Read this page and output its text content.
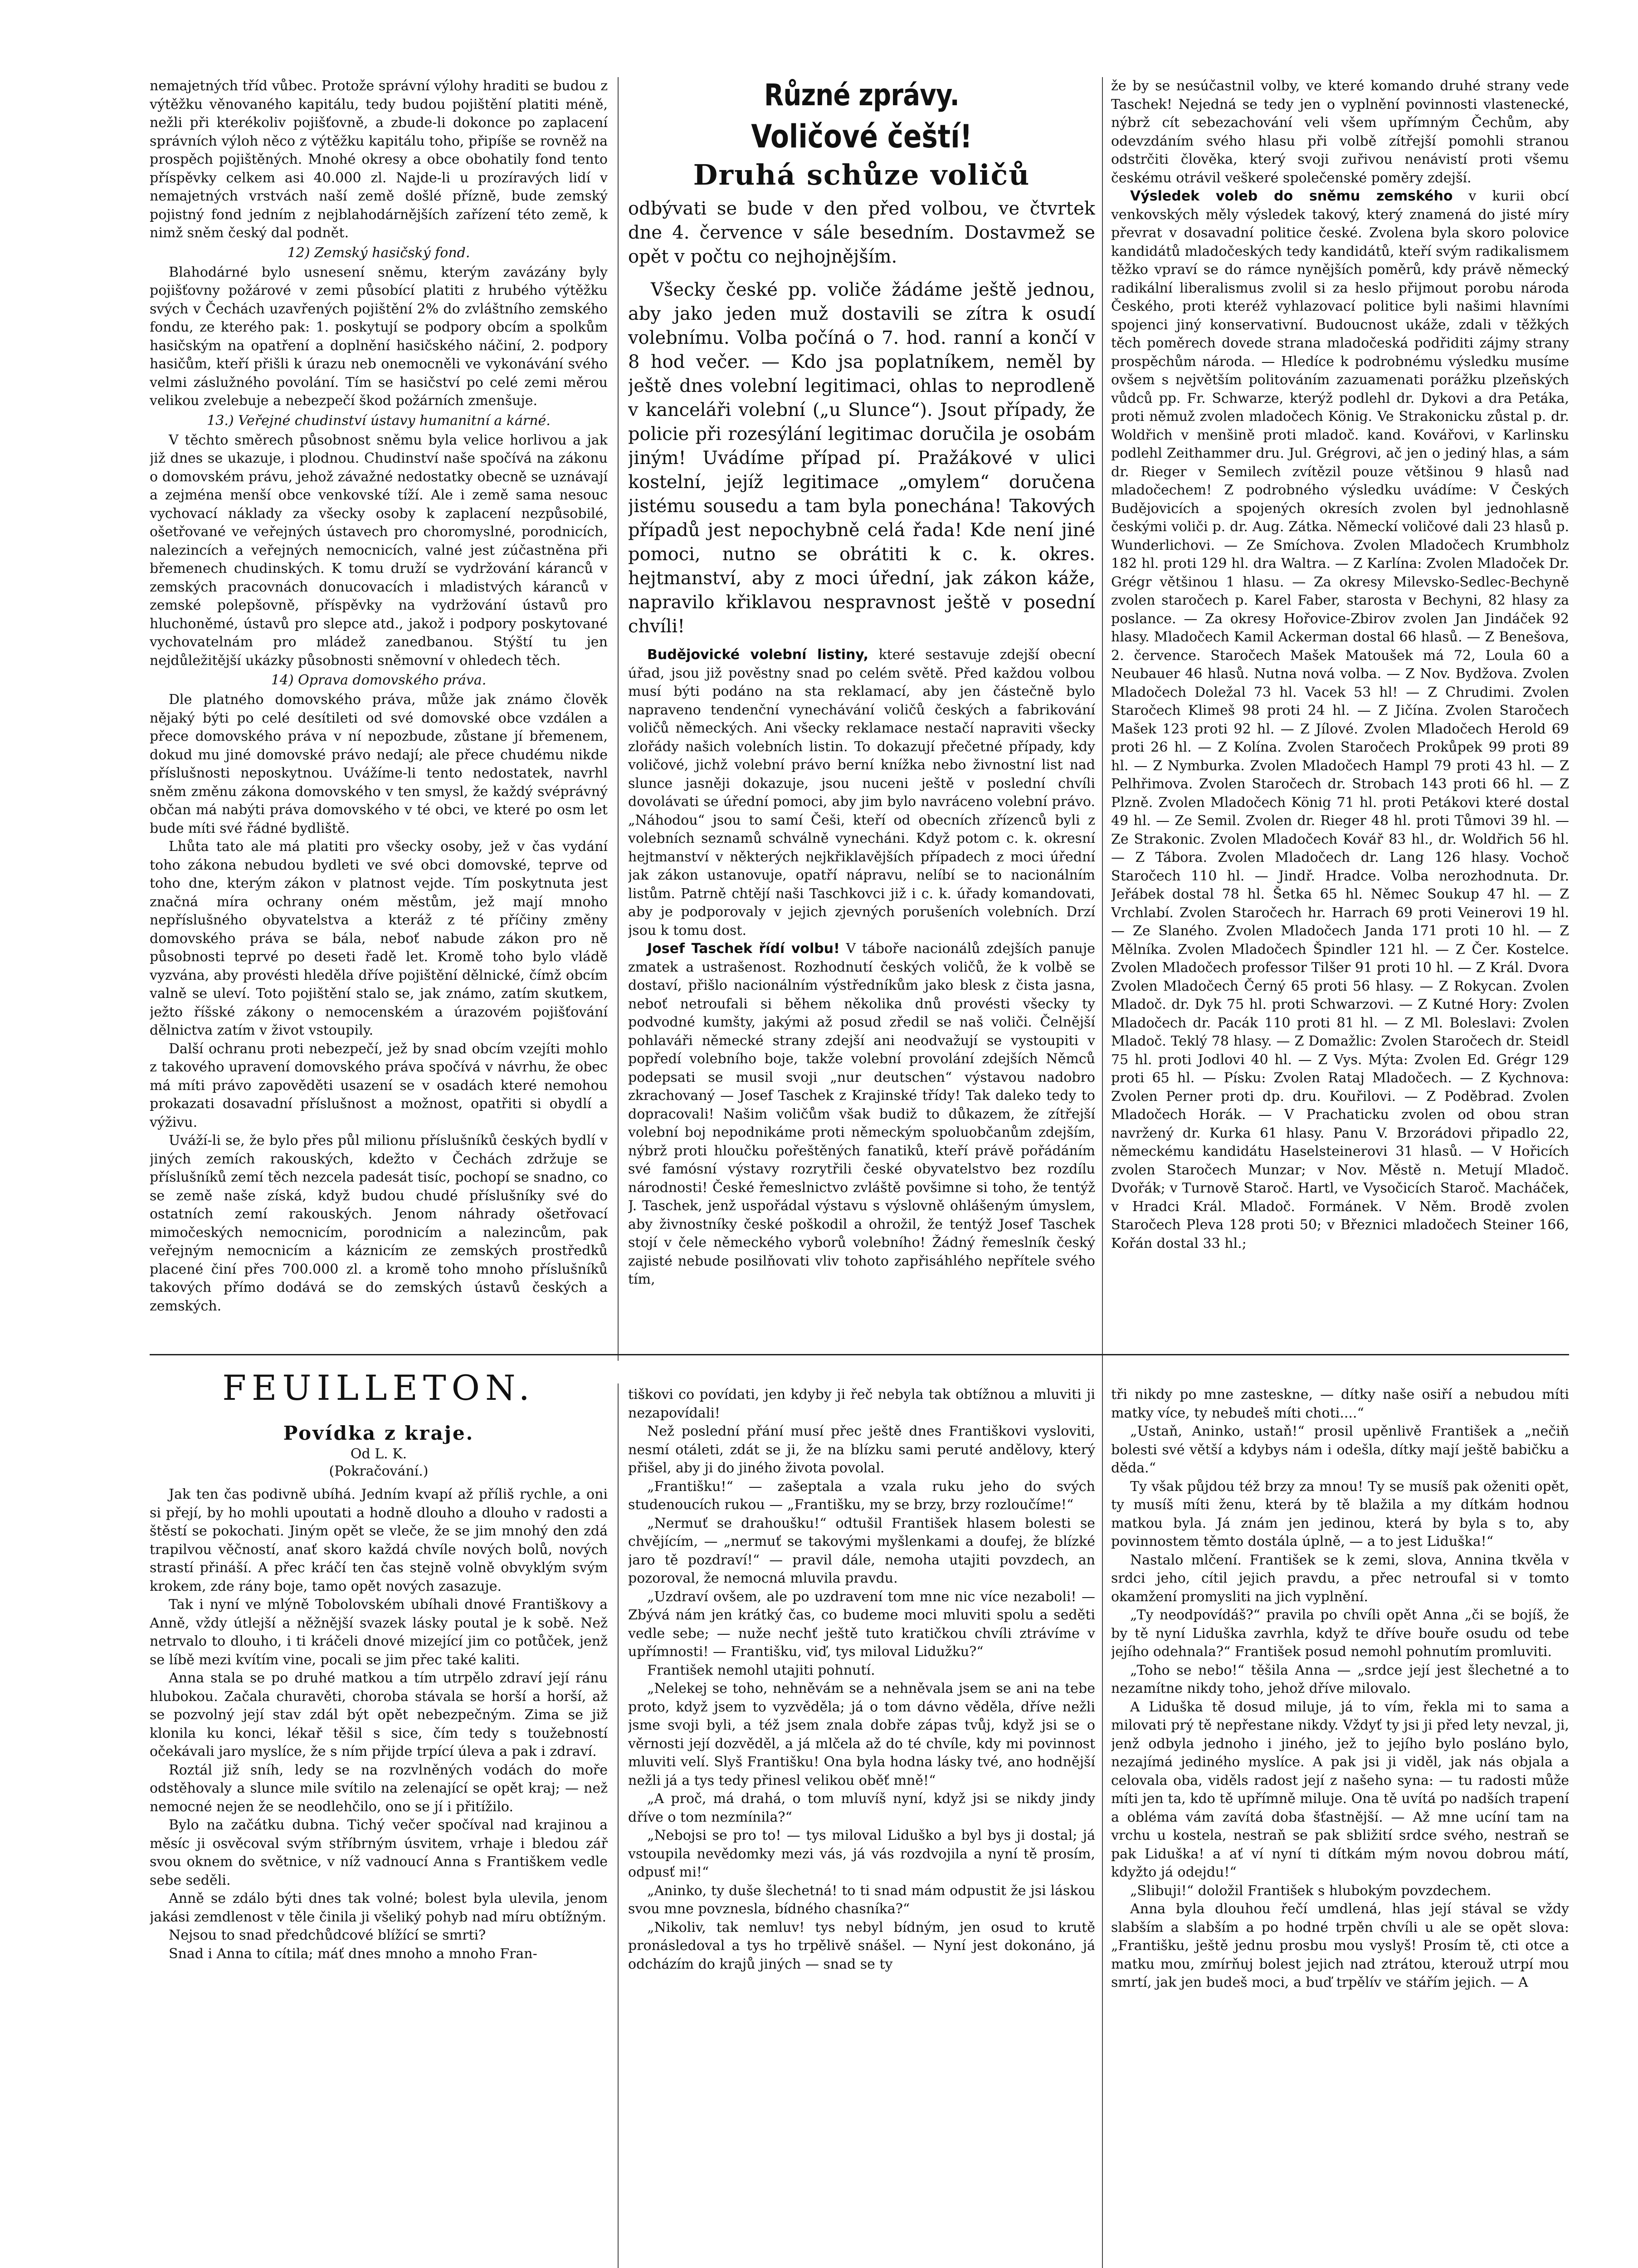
nemajetných tříd vůbec. Protože správní výlohy hraditi se budou z výtěžku věnovaného kapitálu, tedy budou pojištění platiti méně, nežli při kterékoliv pojišťovně, a zbude-li dokonce po zaplacení správních výloh něco z výtěžku kapitálu toho, připíše se rovněž na prospěch pojištěných. Mnohé okresy a obce obohatily fond tento příspěvky celkem asi 40.000 zl. Najde-li u prozíravých lidí v nemajetných vrstvách naší země došlé přízně, bude zemský pojistný fond jedním z nejblahodárnějších zařízení této země, k nimž sněm český dal podnět.

12) Zemský hasičský fond.

Blahodárné bylo usnesení sněmu, kterým zavázány byly pojišťovny požárové v zemi působící platiti z hrubého výtěžku svých v Čechách uzavřených pojištění 2% do zvláštního zemského fondu, ze kterého pak: 1. poskytují se podpory obcím a spolkům hasičským na opatření a doplnění hasičského náčiní, 2. podpory hasičům, kteří přišli k úrazu neb onemocněli ve vykonávání svého velmi záslužného povolání. Tím se hasičství po celé zemi měrou velikou zvelebuje a nebezpečí škod požárních zmenšuje.

13.) Veřejné chudinství ústavy humanitní a kárné.

V těchto směrech působnost sněmu byla velice horlivou a jak již dnes se ukazuje, i plodnou. Chudinství naše spočívá na zákonu o domovském právu, jehož závažné nedostatky obecně se uznávají a zejména menší obce venkovské tíží. Ale i země sama nesouc vychovací náklady za všecky osoby k zaplacení nezpůsobilé, ošetřované ve veřejných ústavech pro choromyslné, porodnicích, nalezincích a veřejných nemocnicích, valné jest zúčastněna při břemenech chudinských. K tomu druží se vydržování káranců v zemských pracovnách donucovacích i mladistvých káranců v zemské polepšovně, příspěvky na vydržování ústavů pro hluchoněmé, ústavů pro slepce atd., jakož i podpory poskytované vychovatelnám pro mládež zanedbanou. Stýští tu jen nejdůležitější ukázky působnosti sněmovní v ohledech těch.

14) Oprava domovského práva.

Dle platného domovského práva, může jak známo člověk nějaký býti po celé desítileti od své domovské obce vzdálen a přece domovského práva v ní nepozbude, zůstane jí břemenem, dokud mu jiné domovské právo nedají; ale přece chudému nikde příslušnosti neposkytnou. Uvážíme-li tento nedostatek, navrhl sněm změnu zákona domovského v ten smysl, že každý svéprávný občan má nabýti práva domovského v té obci, ve které po osm let bude míti své řádné bydliště.

Lhůta tato ale má platiti pro všecky osoby, jež v čas vydání toho zákona nebudou bydleti ve své obci domovské, teprve od toho dne, kterým zákon v platnost vejde. Tím poskytnuta jest značná míra ochrany oném městům, jež mají mnoho nepříslušného obyvatelstva a kteráž z té příčiny změny domovského práva se bála, neboť nabude zákon pro ně působnosti teprvé po deseti řadě let. Kromě toho bylo vládě vyzvána, aby provésti hleděla dříve pojištění dělnické, čímž obcím valně se uleví. Toto pojištění stalo se, jak známo, zatím skutkem, ježto říšské zákony o nemocenském a úrazovém pojišťování dělnictva zatím v život vstoupily.

Další ochranu proti nebezpečí, jež by snad obcím vzejíti mohlo z takového upravení domovského práva spočívá v návrhu, že obec má míti právo zapověděti usazení se v osadách které nemohou prokazati dosavadní příslušnost a možnost, opatřiti si obydlí a výživu.

Uváží-li se, že bylo přes půl milionu příslušníků českých bydlí v jiných zemích rakouských, kdežto v Čechách zdržuje se příslušníků zemí těch nezcela padesát tisíc, pochopí se snadno, co se země naše získá, když budou chudé příslušníky své do ostatních zemí rakouských. Jenom náhrady ošetřovací mimočeských nemocnicím, porodnicím a nalezincům, pak veřejným nemocnicím a káznicím ze zemských prostředků placené činí přes 700.000 zl. a kromě toho mnoho příslušníků takových přímo dodává se do zemských ústavů českých a zemských.

Různé zprávy.
Voličové čeští!
Druhá schůze voličů

odbývati se bude v den před volbou, ve čtvrtek dne 4. července v sále besedním. Dostavmež se opět v počtu co nejhojnějším.

Všecky české pp. voliče žádáme ještě jednou, aby jako jeden muž dostavili se zítra k osudí volebnímu. Volba počíná o 7. hod. ranní a končí v 8 hod večer. — Kdo jsa poplatníkem, neměl by ještě dnes volební legitimaci, ohlas to neprodleně v kanceláři volební („u Slunce“). Jsout případy, že policie při rozesýlání legitimac doručila je osobám jiným! Uvádíme případ pí. Pražákové v ulici kostelní, jejíž legitimace „omylem“ doručena jistému sousedu a tam byla ponechána! Takových případů jest nepochybně celá řada! Kde není jiné pomoci, nutno se obrátiti k c. k. okres. hejtmanství, aby z moci úřední, jak zákon káže, napravilo křiklavou nespravnost ještě v posední chvíli!

Budějovické volební listiny, které sestavuje zdejší obecní úřad, jsou již pověstny snad po celém světě. Před každou volbou musí býti podáno na sta reklamací, aby jen částečně bylo napraveno tendenční vynechávání voličů českých a fabrikování voličů německých. Ani všecky reklamace nestačí napraviti všecky zlořády našich volebních listin. To dokazují přečetné případy, kdy voličové, jichž volební právo berní knížka nebo živnostní list nad slunce jasněji dokazuje, jsou nuceni ještě v poslední chvíli dovolávati se úřední pomoci, aby jim bylo navráceno volební právo. „Náhodou“ jsou to samí Češi, kteří od obecních zřízenců byli z volebních seznamů schválně vynecháni. Když potom c. k. okresní hejtmanství v některých nejkřiklavějších případech z moci úřední jak zákon ustanovuje, opatří nápravu, nelíbí se to nacionálním listům. Patrně chtějí naši Taschkovci již i c. k. úřady komandovati, aby je podporovaly v jejich zjevných porušeních volebních. Drzí jsou k tomu dost.

Josef Taschek řídí volbu! V táboře nacionálů zdejších panuje zmatek a ustrašenost. Rozhodnutí českých voličů, že k volbě se dostaví, přišlo nacionálním výstředníkům jako blesk z čista jasna, neboť netroufali si během několika dnů provésti všecky ty podvodné kumšty, jakými až posud zředil se naš voliči. Čelnější pohlaváři německé strany zdejší ani neodvažují se vystoupiti v popředí volebního boje, takže volební provolání zdejších Němců podepsati se musil svoji „nur deutschen“ výstavou nadobro zkrachovaný — Josef Taschek z Krajinské třídy! Tak daleko tedy to dopracovali! Našim voličům však budiž to důkazem, že zítřejší volební boj nepodnikáme proti německým spoluobčanům zdejším, nýbrž proti hloučku pořeštěných fanatiků, kteří právě pořádáním své famósní výstavy rozrytřili české obyvatelstvo bez rozdílu národnosti! České řemeslnictvo zvláště povšimne si toho, že tentýž J. Taschek, jenž uspořádal výstavu s výslovně ohlášeným úmyslem, aby živnostníky české poškodil a ohrožil, že tentýž Josef Taschek stojí v čele německého vyborů volebního! Žádný řemeslník český zajisté nebude posilňovati vliv tohoto zapřisáhlého nepřítele svého tím,

že by se nesúčastnil volby, ve které komando druhé strany vede Taschek! Nejedná se tedy jen o vyplnění povinnosti vlastenecké, nýbrž cít sebezachování veli všem upřímným Čechům, aby odevzdáním svého hlasu při volbě zítřejší pomohli stranou odstrčiti člověka, který svoji zuřivou nenávistí proti všemu českému otrávil veškeré společenské poměry zdejší.

Výsledek voleb do sněmu zemského v kurii obcí venkovských měly výsledek takový, který znamená do jisté míry převrat v dosavadní politice české. Zvolena byla skoro polovice kandidátů mladočeských tedy kandidátů, kteří svým radikalismem těžko vpraví se do rámce nynějších poměrů, kdy právě německý radikální liberalismus zvolil si za heslo přijmout porobu národa Českého, proti kteréž vyhlazovací politice byli našimi hlavními spojenci jiný konservativní. Budoucnost ukáže, zdali v těžkých těch poměrech dovede strana mladočeská podřiditi zájmy strany prospěchům národa. — Hledíce k podrobnému výsledku musíme ovšem s největším politováním zazuamenati porážku plzeňských vůdců pp. Fr. Schwarze, kterýž podlehl dr. Dykovi a dra Petáka, proti němuž zvolen mladočech König. Ve Strakonicku zůstal p. dr. Woldřich v menšině proti mladoč. kand. Kovářovi, v Karlinsku podlehl Zeithammer dru. Jul. Grégrovi, ač jen o jediný hlas, a sám dr. Rieger v Semilech zvítězil pouze většinou 9 hlasů nad mladočechem! Z podrobného výsledku uvádíme: V Českých Budějovicích a spojených okresích zvolen byl jednohlasně českými voliči p. dr. Aug. Zátka. Německí voličové dali 23 hlasů p. Wunderlichovi. — Ze Smíchova. Zvolen Mladočech Krumbholz 182 hl. proti 129 hl. dra Waltra. — Z Karlína: Zvolen Mladoček Dr. Grégr většinou 1 hlasu. — Za okresy Milevsko-Sedlec-Bechyně zvolen staročech p. Karel Faber, starosta v Bechyni, 82 hlasy za poslance. — Za okresy Hořovice-Zbirov zvolen Jan Jindáček 92 hlasy. Mladočech Kamil Ackerman dostal 66 hlasů. — Z Benešova, 2. července. Staročech Mašek Matoušek má 72, Loula 60 a Neubauer 46 hlasů. Nutna nová volba. — Z Nov. Bydžova. Zvolen Mladočech Doležal 73 hl. Vacek 53 hl! — Z Chrudimi. Zvolen Staročech Klimeš 98 proti 24 hl. — Z Jičína. Zvolen Staročech Mašek 123 proti 92 hl. — Z Jílové. Zvolen Mladočech Herold 69 proti 26 hl. — Z Kolína. Zvolen Staročech Prokůpek 99 proti 89 hl. — Z Nymburka. Zvolen Mladočech Hampl 79 proti 43 hl. — Z Pelhřimova. Zvolen Staročech dr. Strobach 143 proti 66 hl. — Z Plzně. Zvolen Mladočech König 71 hl. proti Petákovi které dostal 49 hl. — Ze Semil. Zvolen dr. Rieger 48 hl. proti Tůmovi 39 hl. — Ze Strakonic. Zvolen Mladočech Kovář 83 hl., dr. Woldřich 56 hl. — Z Tábora. Zvolen Mladočech dr. Lang 126 hlasy. Vochoč Staročech 110 hl. — Jindř. Hradce. Volba nerozhodnuta. Dr. Jeřábek dostal 78 hl. Šetka 65 hl. Němec Soukup 47 hl. — Z Vrchlabí. Zvolen Staročech hr. Harrach 69 proti Veinerovi 19 hl. — Ze Slaného. Zvolen Mladočech Janda 171 proti 10 hl. — Z Mělníka. Zvolen Mladočech Špindler 121 hl. — Z Čer. Kostelce. Zvolen Mladočech professor Tilšer 91 proti 10 hl. — Z Král. Dvora Zvolen Mladočech Černý 65 proti 56 hlasy. — Z Rokycan. Zvolen Mladoč. dr. Dyk 75 hl. proti Schwarzovi. — Z Kutné Hory: Zvolen Mladočech dr. Pacák 110 proti 81 hl. — Z Ml. Boleslavi: Zvolen Mladoč. Teklý 78 hlasy. — Z Domažlic: Zvolen Staročech dr. Steidl 75 hl. proti Jodlovi 40 hl. — Z Vys. Mýta: Zvolen Ed. Grégr 129 proti 65 hl. — Písku: Zvolen Rataj Mladočech. — Z Kychnova: Zvolen Perner proti dp. dru. Kouřilovi. — Z Poděbrad. Zvolen Mladočech Horák. — V Prachaticku zvolen od obou stran navržený dr. Kurka 61 hlasy. Panu V. Brzorádovi připadlo 22, německému kandidátu Haselsteinerovi 31 hlasů. — V Hořicích zvolen Staročech Munzar; v Nov. Městě n. Metují Mladoč. Dvořák; v Turnově Staroč. Hartl, ve Vysočicích Staroč. Macháček, v Hradci Král. Mladoč. Formánek. V Něm. Brodě zvolen Staročech Pleva 128 proti 50; v Březnici mladočech Steiner 166, Kořán dostal 33 hl.;

FEUILLETON.
Povídka z kraje.

Od L. K.

(Pokračování.)

Jak ten čas podivně ubíhá. Jedním kvapí až příliš rychle, a oni si přejí, by ho mohli upoutati a hodně dlouho a dlouho v radosti a štěstí se pokochati. Jiným opět se vleče, že se jim mnohý den zdá trapilvou věčností, anať skoro každá chvíle nových bolů, nových strastí přináší. A přec kráčí ten čas stejně volně obvyklým svým krokem, zde rány boje, tamo opět nových zasazuje.

Tak i nyní ve mlýně Tobolovském ubíhali dnové Františkovy a Anně, vždy útlejší a něžnější svazek lásky poutal je k sobě. Než netrvalo to dlouho, i ti kráčeli dnové mizející jim co potůček, jenž se líbě mezi kvítím vine, pocali se jim přec také kaliti.

Anna stala se po druhé matkou a tím utrpělo zdraví její ránu hlubokou. Začala churavěti, choroba stávala se horší a horší, až se pozvolný její stav zdál být opět nebezpečným. Zima se již klonila ku konci, lékař těšil s sice, čím tedy s toužebností očekávali jaro myslíce, že s ním přijde trpící úleva a pak i zdraví.

Roztál již sníh, ledy se na rozvlněných vodách do moře odstěhovaly a slunce mile svítilo na zelenající se opět kraj; — než nemocné nejen že se neodlehčilo, ono se jí i přitížilo.

Bylo na začátku dubna. Tichý večer spočíval nad krajinou a měsíc ji osvěcoval svým stříbrným úsvitem, vrhaje i bledou zář svou oknem do světnice, v níž vadnoucí Anna s Františkem vedle sebe seděli.

Anně se zdálo býti dnes tak volné; bolest byla ulevila, jenom jakási zemdlenost v těle činila ji všeliký pohyb nad míru obtížným.

Nejsou to snad předchůdcové blížící se smrti?

Snad i Anna to cítila; máť dnes mnoho a mnoho Fran-

tiškovi co povídati, jen kdyby ji řeč nebyla tak obtížnou a mluviti ji nezapovídali!

Než poslední přání musí přec ještě dnes Františkovi vysloviti, nesmí otáleti, zdát se ji, že na blízku sami peruté andělovy, který přišel, aby ji do jiného života povolal.

„Františku!“ — zašeptala a vzala ruku jeho do svých studenoucích rukou — „Františku, my se brzy, brzy rozloučíme!“

„Nermuť se drahoušku!“ odtušil František hlasem bolesti se chvějícím, — „nermuť se takovými myšlenkami a doufej, že blízké jaro tě pozdraví!“ — pravil dále, nemoha utajiti povzdech, an pozoroval, že nemocná mluvila pravdu.

„Uzdraví ovšem, ale po uzdravení tom mne nic více nezaboli! — Zbývá nám jen krátký čas, co budeme moci mluviti spolu a seděti vedle sebe; — nuže nechť ještě tuto kratičkou chvíli ztrávíme v upřímnosti! — Františku, viď, tys miloval Lidužku?“

František nemohl utajiti pohnutí.

„Nelekej se toho, nehněvám se a nehněvala jsem se ani na tebe proto, když jsem to vyzvěděla; já o tom dávno věděla, dříve nežli jsme svoji byli, a též jsem znala dobře zápas tvůj, když jsi se o věrnosti její dozvěděl, a já mlčela až do té chvíle, kdy mi povinnost mluviti velí. Slyš Františku! Ona byla hodna lásky tvé, ano hodnější nežli já a tys tedy přinesl velikou oběť mně!“

„A proč, má drahá, o tom mluvíš nyní, když jsi se nikdy jindy dříve o tom nezmínila?“

„Nebojsi se pro to! — tys miloval Liduško a byl bys ji dostal; já vstoupila nevědomky mezi vás, já vás rozdvojila a nyní tě prosím, odpusť mi!“

„Aninko, ty duše šlechetná! to ti snad mám odpustit že jsi láskou svou mne povznesla, bídného chasníka?“

„Nikoliv, tak nemluv! tys nebyl bídným, jen osud to krutě pronásledoval a tys ho trpělivě snášel. — Nyní jest dokonáno, já odcházím do krajů jiných — snad se ty

tři nikdy po mne zasteskne, — dítky naše osiří a nebudou míti matky více, ty nebudeš míti choti....“

„Ustaň, Aninko, ustaň!“ prosil upěnlivě František a „nečiň bolesti své větší a kdybys nám i odešla, dítky mají ještě babičku a děda.“

Ty však půjdou též brzy za mnou! Ty se musíš pak oženiti opět, ty musíš míti ženu, která by tě blažila a my dítkám hodnou matkou byla. Já znám jen jedinou, která by byla s to, aby povinnostem těmto dostála úplně, — a to jest Liduška!“

Nastalo mlčení. František se k zemi, slova, Annina tkvěla v srdci jeho, cítil jejich pravdu, a přec netroufal si v tomto okamžení promysliti na jich vyplnění.

„Ty neodpovídáš?“ pravila po chvíli opět Anna „či se bojíš, že by tě nyní Liduška zavrhla, když te dříve bouře osudu od tebe jejího odehnala?“ František posud nemohl pohnutím promluviti.

„Toho se nebo!“ těšila Anna — „srdce její jest šlechetné a to nezamítne nikdy toho, jehož dříve milovalo.

A Liduška tě dosud miluje, já to vím, řekla mi to sama a milovati prý tě nepřestane nikdy. Vždyť ty jsi ji před lety nevzal, ji, jenž odbyla jednoho i jiného, jež to jejího bylo posláno bylo, nezajímá jediného myslíce. A pak jsi ji viděl, jak nás objala a celovala oba, viděls radost její z našeho syna: — tu radosti může míti jen ta, kdo tě upřímně miluje. Ona tě uvítá po nadších trapení a obléma vám zavítá doba šťastnější. — Až mne ucíní tam na vrchu u kostela, nestraň se pak sbližití srdce svého, nestraň se pak Liduška! a ať ví nyní ti dítkám mým novou dobrou mátí, kdyžto já odejdu!“

„Slibuji!“ doložil František s hlubokým povzdechem.

Anna byla dlouhou řečí umdlená, hlas její stával se vždy slabším a slabším a po hodné trpěn chvíli u ale se opět slova: „Františku, ještě jednu prosbu mou vyslyš! Prosím tě, cti otce a matku mou, zmírňuj bolest jejich nad ztrátou, kterouž utrpí mou smrtí, jak jen budeš moci, a buď trpělív ve stářím jejich. — A
